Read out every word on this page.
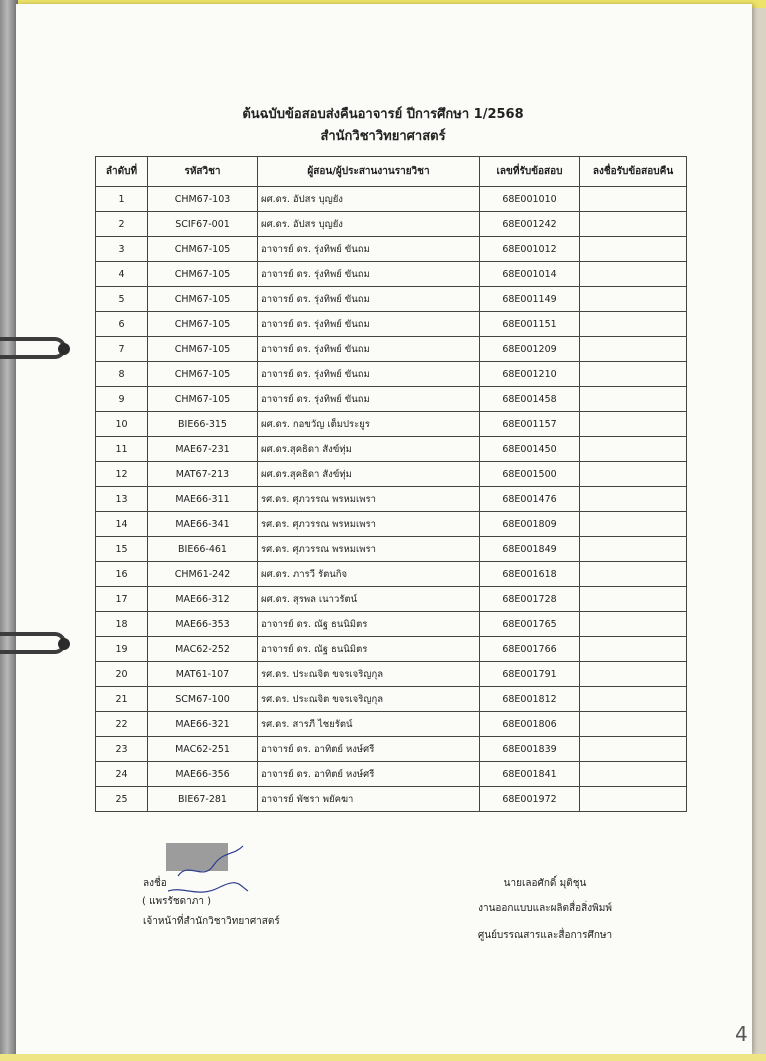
ต้นฉบับข้อสอบส่งคืนอาจารย์ ปีการศึกษา 1/2568
สำนักวิชาวิทยาศาสตร์
ลำดับที่	รหัสวิชา	ผู้สอน/ผู้ประสานงานรายวิชา	เลขที่รับข้อสอบ	ลงชื่อรับข้อสอบคืน
1	CHM67-103	ผศ.ดร. อัปสร บุญยัง	68E001010	
2	SCIF67-001	ผศ.ดร. อัปสร บุญยัง	68E001242	
3	CHM67-105	อาจารย์ ดร. รุ่งทิพย์ ขันถม	68E001012	
4	CHM67-105	อาจารย์ ดร. รุ่งทิพย์ ขันถม	68E001014	
5	CHM67-105	อาจารย์ ดร. รุ่งทิพย์ ขันถม	68E001149	
6	CHM67-105	อาจารย์ ดร. รุ่งทิพย์ ขันถม	68E001151	
7	CHM67-105	อาจารย์ ดร. รุ่งทิพย์ ขันถม	68E001209	
8	CHM67-105	อาจารย์ ดร. รุ่งทิพย์ ขันถม	68E001210	
9	CHM67-105	อาจารย์ ดร. รุ่งทิพย์ ขันถม	68E001458	
10	BIE66-315	ผศ.ดร. กอขวัญ เต็มประยูร	68E001157	
11	MAE67-231	ผศ.ดร.สุคธิดา สังข์ทุ่ม	68E001450	
12	MAT67-213	ผศ.ดร.สุคธิดา สังข์ทุ่ม	68E001500	
13	MAE66-311	รศ.ดร. ศุภวรรณ พรหมเพรา	68E001476	
14	MAE66-341	รศ.ดร. ศุภวรรณ พรหมเพรา	68E001809	
15	BIE66-461	รศ.ดร. ศุภวรรณ พรหมเพรา	68E001849	
16	CHM61-242	ผศ.ดร. ภารวี รัตนกิจ	68E001618	
17	MAE66-312	ผศ.ดร. สุรพล เนาวรัตน์	68E001728	
18	MAE66-353	อาจารย์ ดร. ณัฐ ธนนิมิตร	68E001765	
19	MAC62-252	อาจารย์ ดร. ณัฐ ธนนิมิตร	68E001766	
20	MAT61-107	รศ.ดร. ประณจิต ขจรเจริญกุล	68E001791	
21	SCM67-100	รศ.ดร. ประณจิต ขจรเจริญกุล	68E001812	
22	MAE66-321	รศ.ดร. สารภี ไชยรัตน์	68E001806	
23	MAC62-251	อาจารย์ ดร. อาทิตย์ หงษ์ศรี	68E001839	
24	MAE66-356	อาจารย์ ดร. อาทิตย์ หงษ์ศรี	68E001841	
25	BIE67-281	อาจารย์ พัชรา พยัคฆา	68E001972	
ลงชื่อ
( แพรรัชดาภา )
เจ้าหน้าที่สำนักวิชาวิทยาศาสตร์
นายเลอศักดิ์ มุติชุน
งานออกแบบและผลิตสื่อสิ่งพิมพ์
ศูนย์บรรณสารและสื่อการศึกษา
4
